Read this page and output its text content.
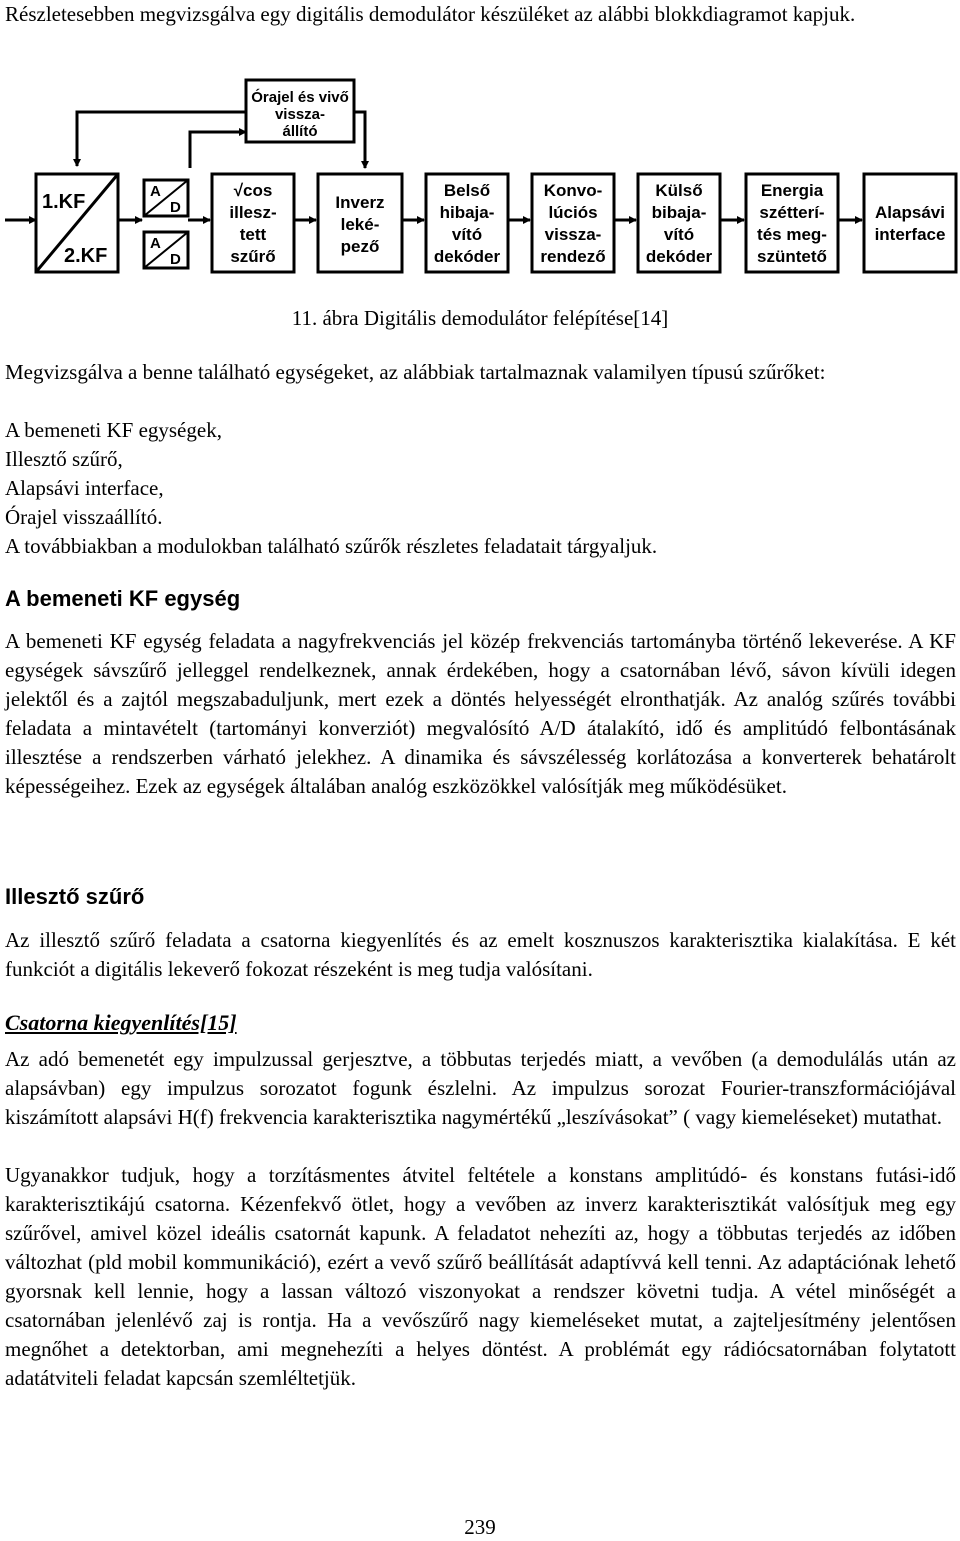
Részletesebben megvizsgálva egy digitális demodulátor készüléket az alábbi blokkdiagramot kapjuk.

Órajel és vivő
vissza-
állító
1.KF
2.KF
A
D
A
D
√cos
illesz-
tett
szűrő
Inverz
leké-
pező
Belső
hibaja-
vító
dekóder
Konvo-
lúciós
vissza-
rendező
Külső
bibaja-
vító
dekóder
Energia
szétterí-
tés meg-
szüntető
Alapsávi
interface

11. ábra Digitális demodulátor felépítése[14]

Megvizsgálva a benne található egységeket, az alábbiak tartalmaznak valamilyen típusú szűrőket:

A bemeneti KF egységek,

Illesztő szűrő,

Alapsávi interface,

Órajel visszaállító.

A továbbiakban a modulokban található szűrők részletes feladatait tárgyaljuk.

A bemeneti KF egység

A bemeneti KF egység feladata a nagyfrekvenciás jel közép frekvenciás tartományba történő lekeverése. A KF egységek sávszűrő jelleggel rendelkeznek, annak érdekében, hogy a csatornában lévő, sávon kívüli idegen jelektől és a zajtól megszabaduljunk, mert ezek a döntés helyességét elronthatják. Az analóg szűrés további feladata a mintavételt (tartományi konverziót) megvalósító A/D átalakító, idő és amplitúdó felbontásának illesztése a rendszerben várható jelekhez. A dinamika és sávszélesség korlátozása a konverterek behatárolt képességeihez. Ezek az egységek általában analóg eszközökkel valósítják meg működésüket.

Illesztő szűrő

Az illesztő szűrő feladata a csatorna kiegyenlítés és az emelt kosznuszos karakterisztika kialakítása. E két funkciót a digitális lekeverő fokozat részeként is meg tudja valósítani.

Csatorna kiegyenlítés[15]

Az adó bemenetét egy impulzussal gerjesztve, a többutas terjedés miatt, a vevőben (a demodulálás után az alapsávban) egy impulzus sorozatot fogunk észlelni. Az impulzus sorozat Fourier-transzformációjával kiszámított alapsávi H(f) frekvencia karakterisztika nagymértékű „leszívásokat” ( vagy kiemeléseket) mutathat.

Ugyanakkor tudjuk, hogy a torzításmentes átvitel feltétele a konstans amplitúdó- és konstans futási-idő karakterisztikájú csatorna. Kézenfekvő ötlet, hogy a vevőben az inverz karakterisztikát valósítjuk meg egy szűrővel, amivel közel ideális csatornát kapunk. A feladatot nehezíti az, hogy a többutas terjedés az időben változhat (pld mobil kommunikáció), ezért a vevő szűrő beállítását adaptívvá kell tenni. Az adaptációnak lehető gyorsnak kell lennie, hogy a lassan változó viszonyokat a rendszer követni tudja. A vétel minőségét a csatornában jelenlévő zaj is rontja. Ha a vevőszűrő nagy kiemeléseket mutat, a zajteljesítmény jelentősen megnőhet a detektorban, ami megnehezíti a helyes döntést. A problémát egy rádiócsatornában folytatott adatátviteli feladat kapcsán szemléltetjük.

239
